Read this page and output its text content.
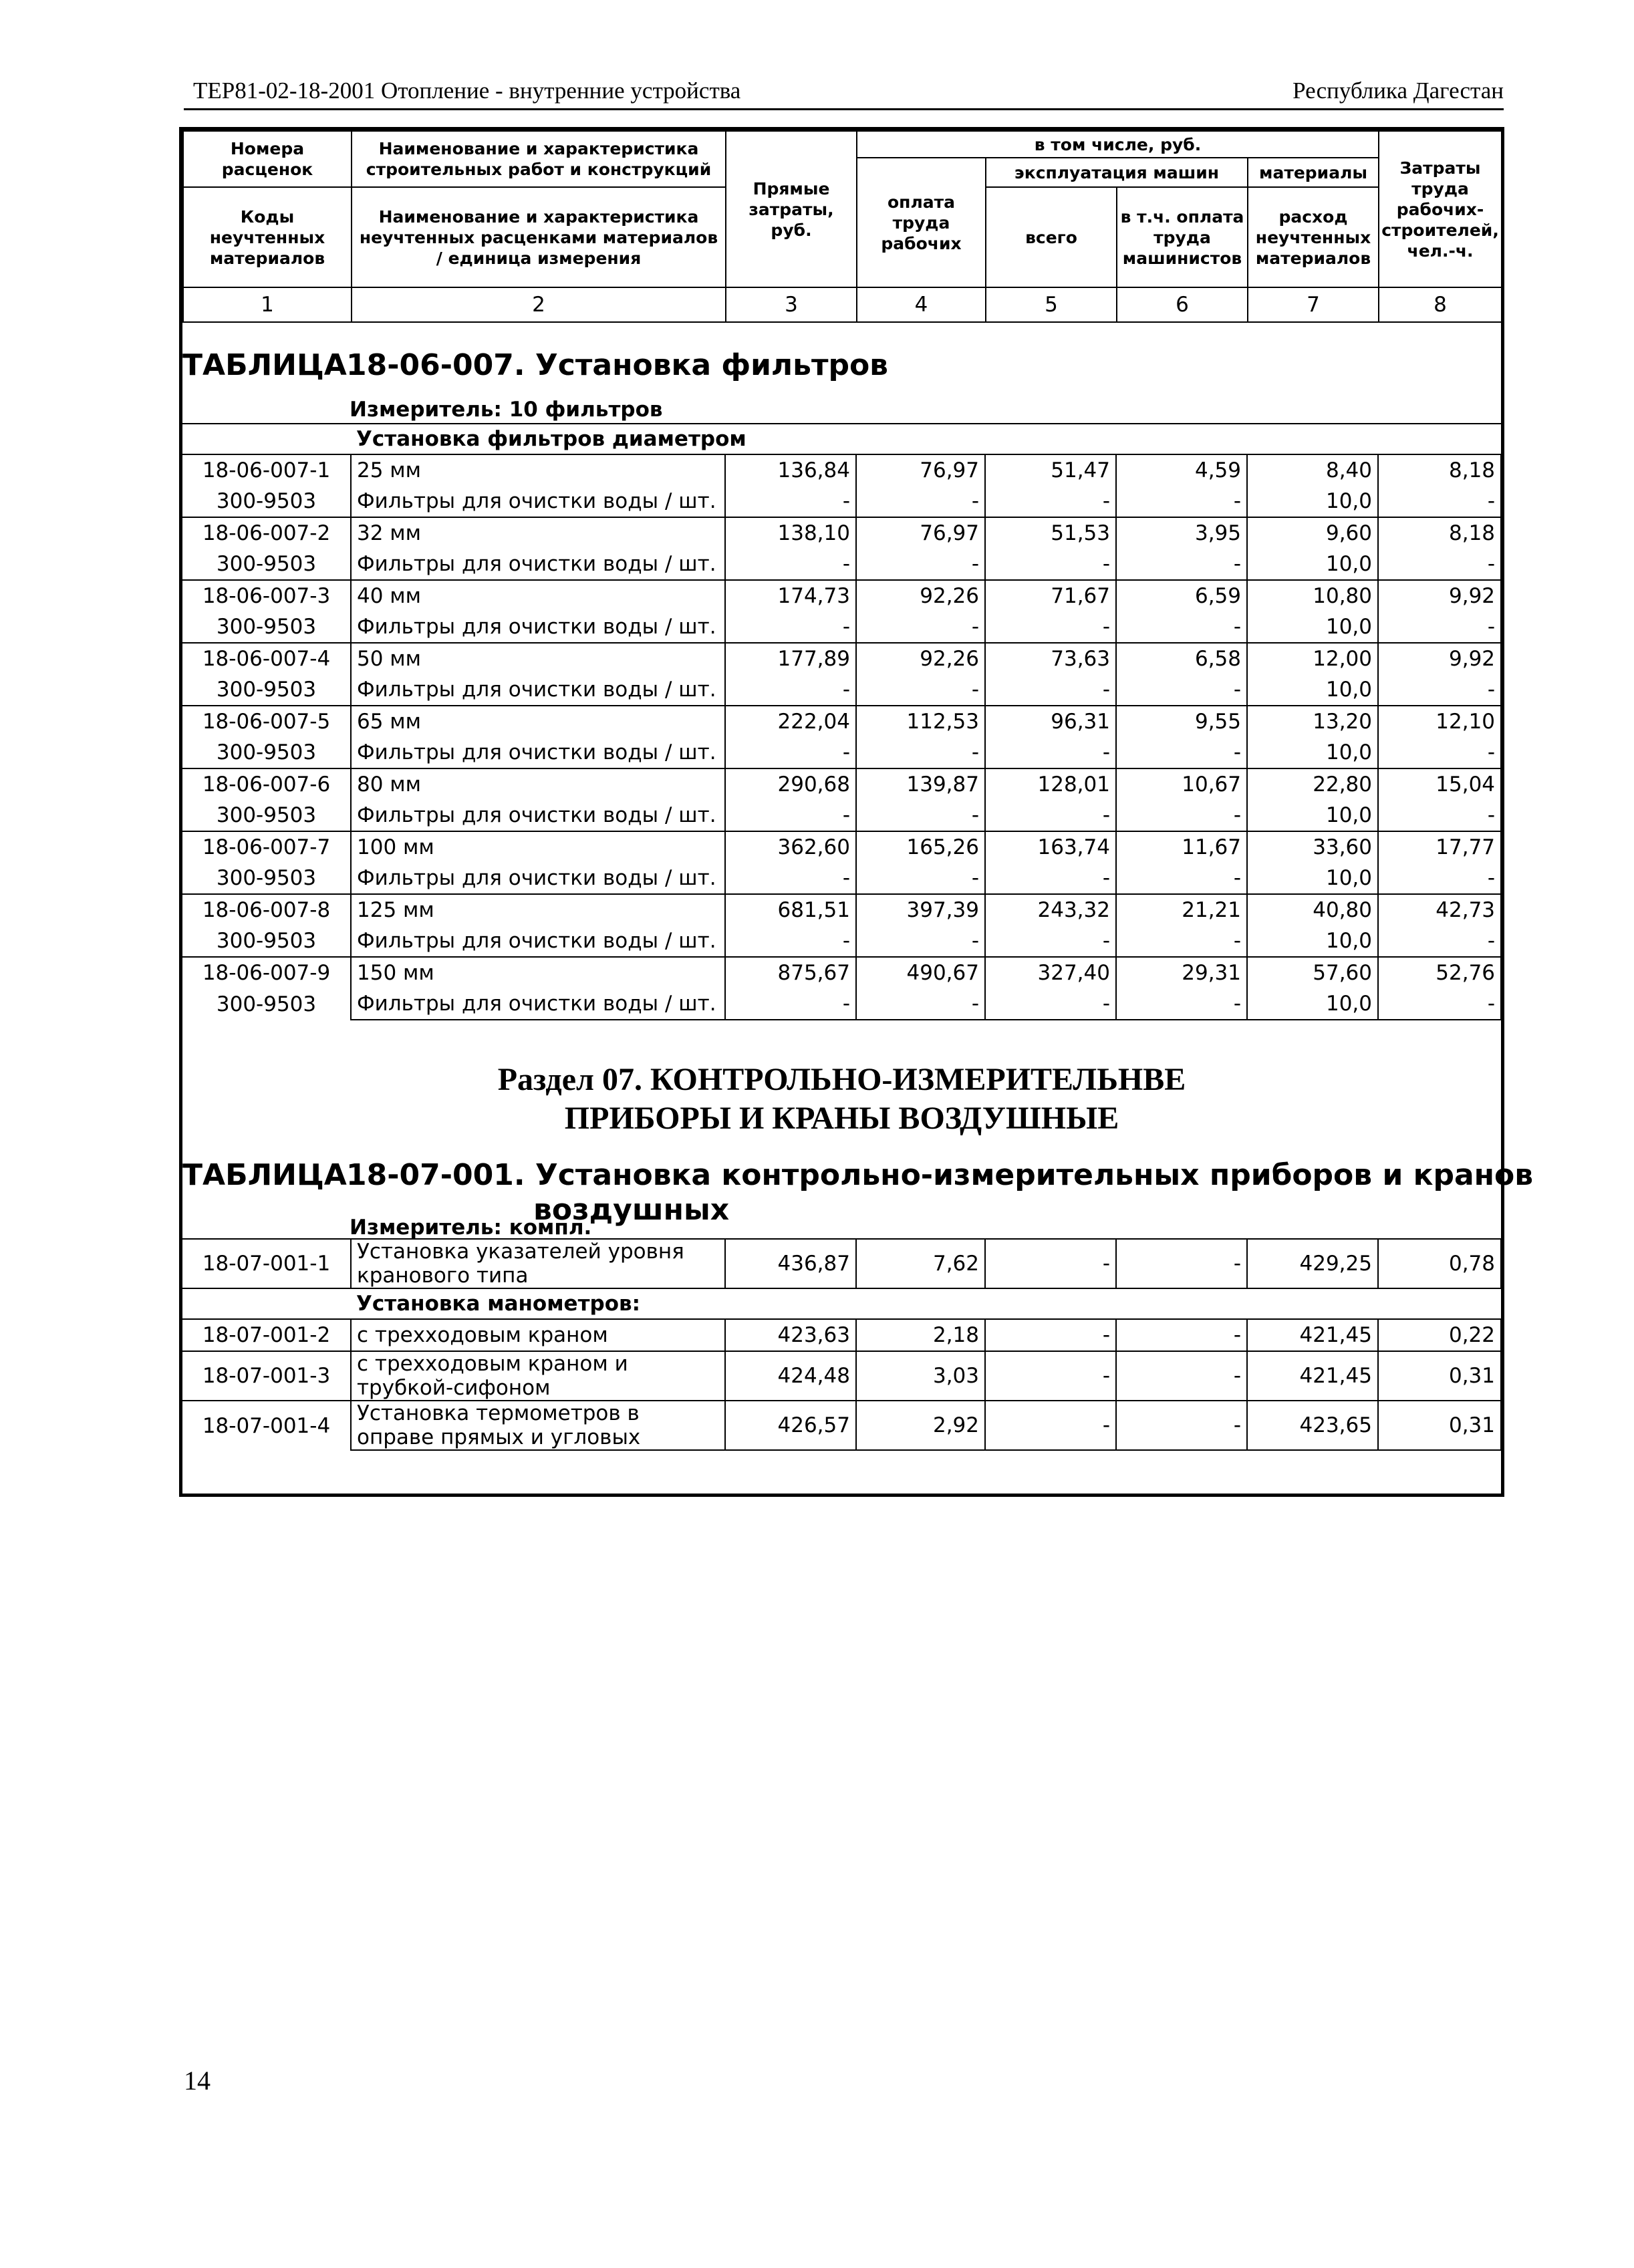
ТЕР81-02-18-2001 Отопление - внутренние устройства	Республика Дагестан
Номера расценок	Наименование и характеристика строительных работ и конструкций	Прямые затраты, руб.	в том числе, руб.				Затраты труда рабочих-строителей, чел.-ч.
			оплата труда рабочих	эксплуатация машин		материалы	
Коды неучтенных материалов	Наименование и характеристика неучтенных расценками материалов / единица измерения			всего	в т.ч. оплата труда машинистов	расход неучтенных материалов	

1	2	3	4	5	6	7	8
ТАБЛИЦА 18-06-007. Установка фильтров
Измеритель: 10 фильтров
	Установка фильтров диаметром						
18-06-007-1	25 мм	136,84	76,97	51,47	4,59	8,40	8,18
300-9503	Фильтры для очистки воды / шт.	-	-	-	-	10,0	-
18-06-007-2	32 мм	138,10	76,97	51,53	3,95	9,60	8,18
300-9503	Фильтры для очистки воды / шт.	-	-	-	-	10,0	-
18-06-007-3	40 мм	174,73	92,26	71,67	6,59	10,80	9,92
300-9503	Фильтры для очистки воды / шт.	-	-	-	-	10,0	-
18-06-007-4	50 мм	177,89	92,26	73,63	6,58	12,00	9,92
300-9503	Фильтры для очистки воды / шт.	-	-	-	-	10,0	-
18-06-007-5	65 мм	222,04	112,53	96,31	9,55	13,20	12,10
300-9503	Фильтры для очистки воды / шт.	-	-	-	-	10,0	-
18-06-007-6	80 мм	290,68	139,87	128,01	10,67	22,80	15,04
300-9503	Фильтры для очистки воды / шт.	-	-	-	-	10,0	-
18-06-007-7	100 мм	362,60	165,26	163,74	11,67	33,60	17,77
300-9503	Фильтры для очистки воды / шт.	-	-	-	-	10,0	-
18-06-007-8	125 мм	681,51	397,39	243,32	21,21	40,80	42,73
300-9503	Фильтры для очистки воды / шт.	-	-	-	-	10,0	-
18-06-007-9	150 мм	875,67	490,67	327,40	29,31	57,60	52,76
300-9503	Фильтры для очистки воды / шт.	-	-	-	-	10,0	-
Раздел 07. КОНТРОЛЬНО-ИЗМЕРИТЕЛЬНВЕ
ПРИБОРЫ И КРАНЫ ВОЗДУШНЫЕ
ТАБЛИЦА 18-07-001. Установка контрольно-измерительных приборов и кранов
воздушных
Измеритель: компл.
18-07-001-1	Установка указателей уровня кранового типа	436,87	7,62	-	-	429,25	0,78
	Установка манометров:						
18-07-001-2	с трехходовым краном	423,63	2,18	-	-	421,45	0,22
18-07-001-3	с трехходовым краном и трубкой-сифоном	424,48	3,03	-	-	421,45	0,31
18-07-001-4	Установка термометров в оправе прямых и угловых	426,57	2,92	-	-	423,65	0,31
14
